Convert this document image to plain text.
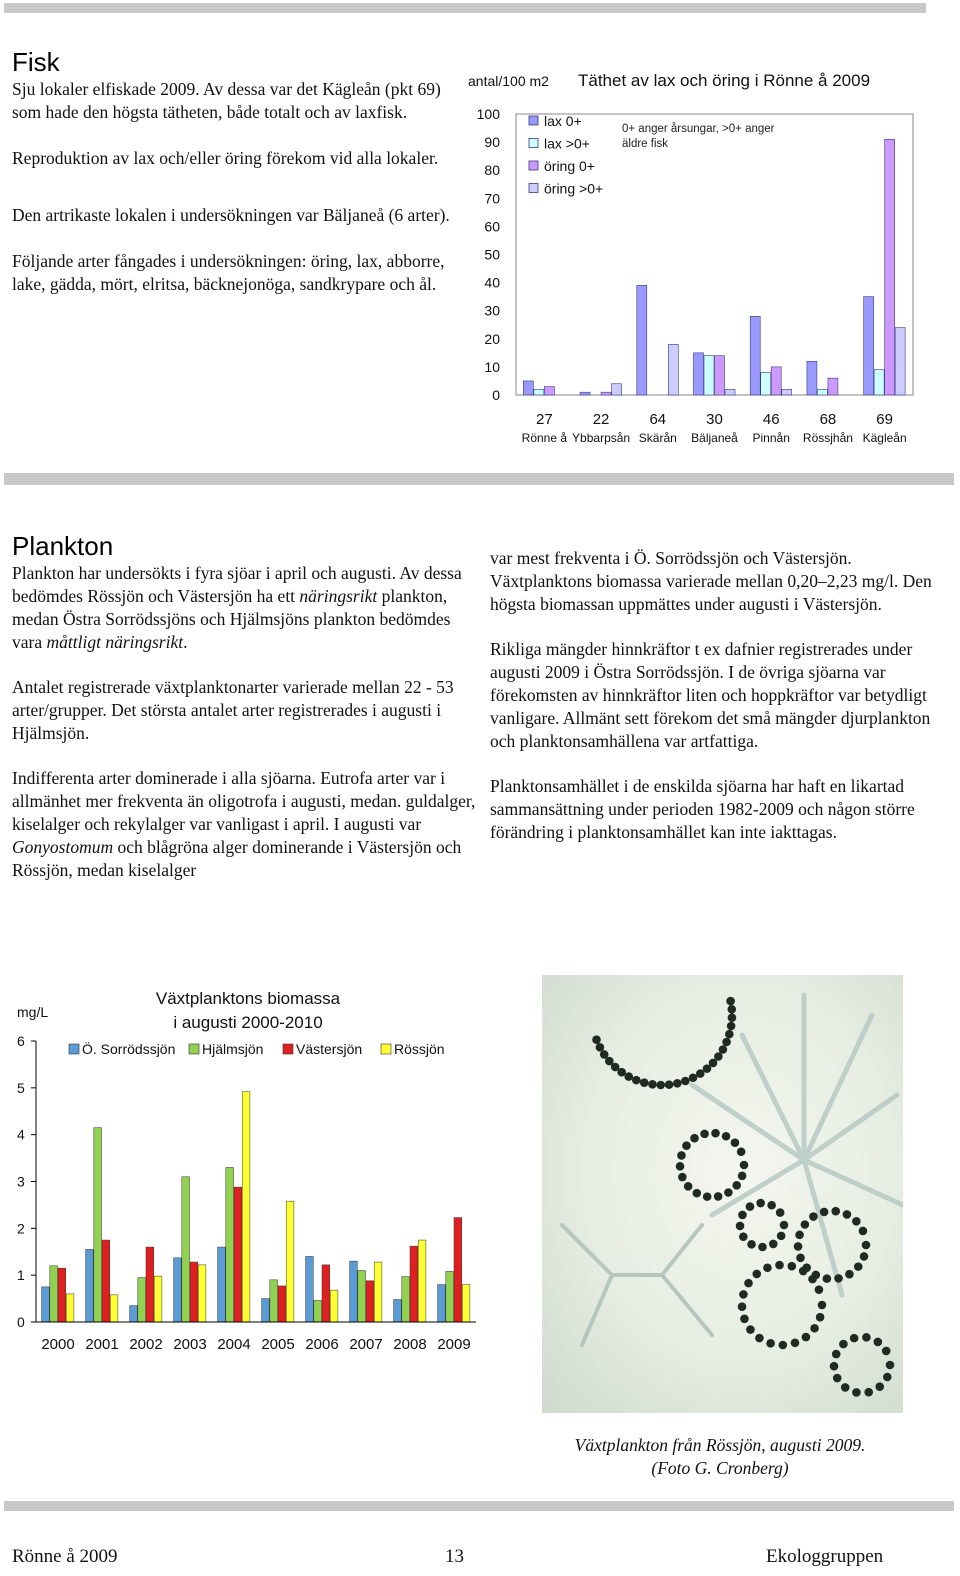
Fisk

Sju lokaler elfiskade 2009. Av dessa var det Kägleån (pkt 69) som hade den högsta tätheten, både totalt och av laxfisk.

Reproduktion av lax och/eller öring förekom vid alla lokaler.

Den artrikaste lokalen i undersökningen var Bäljaneå (6 arter).

Följande arter fångades i undersökningen: öring, lax, abborre, lake, gädda, mört, elritsa, bäcknejonöga, sandkrypare och ål.

antal/100 m2 Täthet av lax och öring i Rönne å 2009
0
10
20
30
40
50
60
70
80
90
100
27
Rönne å
22
Ybbarpsån
64
Skärån
30
Bäljaneå
46
Pinnån
68
Rössjhån
69
Kägleån
lax 0+
lax >0+
öring 0+
öring >0+
0+ anger årsungar, >0+ anger äldre fisk
Plankton

Plankton har undersökts i fyra sjöar i april och augusti. Av dessa bedömdes Rössjön och Västersjön ha ett näringsrikt plankton, medan Östra Sorrödssjöns och Hjälmsjöns plankton bedömdes vara måttligt näringsrikt.

Antalet registrerade växtplanktonarter varierade mellan 22 - 53 arter/grupper. Det största antalet arter registrerades i augusti i Hjälmsjön.

Indifferenta arter dominerade i alla sjöarna. Eutrofa arter var i allmänhet mer frekventa än oligotrofa i augusti, medan. guldalger, kiselalger och rekylalger var vanligast i april. I augusti var Gonyostomum och blågröna alger dominerande i Västersjön och Rössjön, medan kiselalger

var mest frekventa i Ö. Sorrödssjön och Västersjön. Växtplanktons biomassa varierade mellan 0,20–2,23 mg/l. Den högsta biomassan uppmättes under augusti i Västersjön.

Rikliga mängder hinnkräftor t ex dafnier registrerades under augusti 2009 i Östra Sorrödssjön. I de övriga sjöarna var förekomsten av hinnkräftor liten och hoppkräftor var betydligt vanligare. Allmänt sett förekom det små mängder djurplankton och planktonsamhällena var artfattiga.

Planktonsamhället i de enskilda sjöarna har haft en likartad sammansättning under perioden 1982-2009 och någon större förändring i planktonsamhället kan inte iakttagas.

mg/L
Växtplanktons biomassa
i augusti 2000-2010
Ö. Sorrödssjön Hjälmsjön Västersjön Rössjön
0
1
2
3
4
5
6
2000 2001 2002 2003 2004 2005 2006 2007 2008 2009
Växtplankton från Rössjön, augusti 2009.
(Foto G. Cronberg)
Rönne å 2009	13	Ekologgruppen
